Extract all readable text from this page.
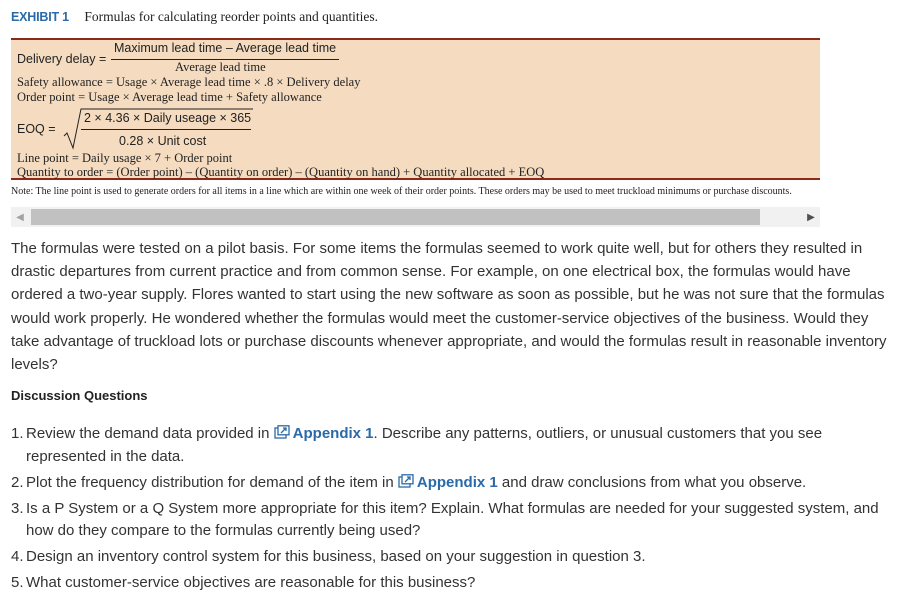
EXHIBIT 1 Formulas for calculating reorder points and quantities.
Delivery delay =
Maximum lead time – Average lead time
Average lead time
Safety allowance = Usage × Average lead time × .8 × Delivery delay
Order point = Usage × Average lead time + Safety allowance
EOQ =
2 × 4.36 × Daily useage × 365
0.28 × Unit cost
Line point = Daily usage × 7 + Order point
Quantity to order = (Order point) – (Quantity on order) – (Quantity on hand) + Quantity allocated + EOQ
Note: The line point is used to generate orders for all items in a line which are within one week of their order points. These orders may be used to meet truckload minimums or purchase discounts.
◀	▶
The formulas were tested on a pilot basis. For some items the formulas seemed to work quite well, but for others they resulted in drastic departures from current practice and from common sense. For example, on one electrical box, the formulas would have ordered a two-year supply. Flores wanted to start using the new software as soon as possible, but he was not sure that the formulas would work properly. He wondered whether the formulas would meet the customer-service objectives of the business. Would they take advantage of truckload lots or purchase discounts whenever appropriate, and would the formulas result in reasonable inventory levels?
Discussion Questions
1. Review the demand data provided in Appendix 1. Describe any patterns, outliers, or unusual customers that you see represented in the data.
2. Plot the frequency distribution for demand of the item in Appendix 1 and draw conclusions from what you observe.
3. Is a P System or a Q System more appropriate for this item? Explain. What formulas are needed for your suggested system, and how do they compare to the formulas currently being used?
4. Design an inventory control system for this business, based on your suggestion in question 3.
5. What customer-service objectives are reasonable for this business?
